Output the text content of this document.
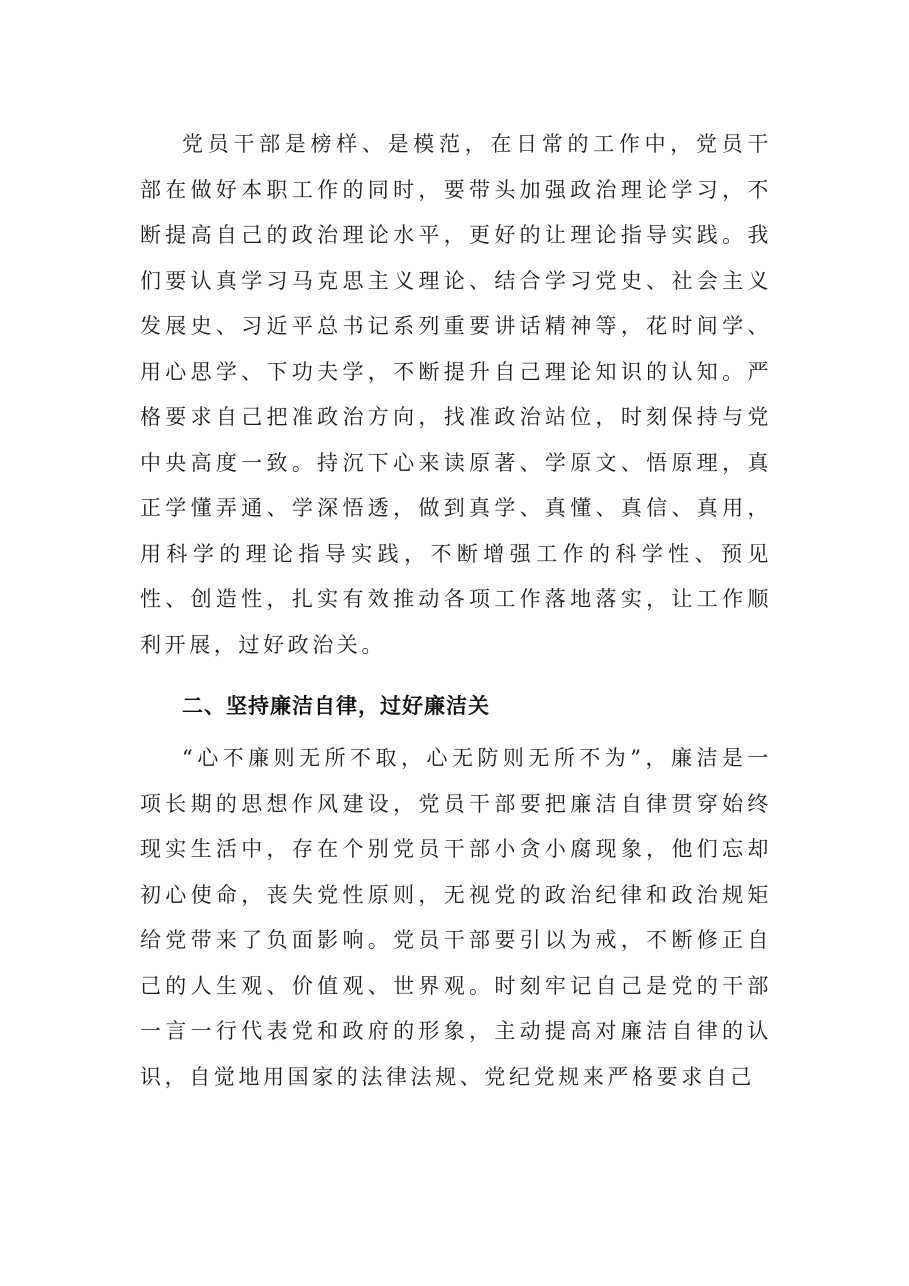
党员干部是榜样、是模范，在日常的工作中，党员干部在做好本职工作的同时，要带头加强政治理论学习，不断提高自己的政治理论水平，更好的让理论指导实践。我们要认真学习马克思主义理论、结合学习党史、社会主义发展史、习近平总书记系列重要讲话精神等，花时间学、用心思学、下功夫学，不断提升自己理论知识的认知。严格要求自己把准政治方向，找准政治站位，时刻保持与党中央高度一致。持沉下心来读原著、学原文、悟原理，真正学懂弄通、学深悟透，做到真学、真懂、真信、真用，用科学的理论指导实践，不断增强工作的科学性、预见性、创造性，扎实有效推动各项工作落地落实，让工作顺利开展，过好政治关。

二、坚持廉洁自律，过好廉洁关

“心不廉则无所不取，心无防则无所不为”，廉洁是一项长期的思想作风建设，党员干部要把廉洁自律贯穿始终现实生活中，存在个别党员干部小贪小腐现象，他们忘却初心使命，丧失党性原则，无视党的政治纪律和政治规矩给党带来了负面影响。党员干部要引以为戒，不断修正自己的人生观、价值观、世界观。时刻牢记自己是党的干部一言一行代表党和政府的形象，主动提高对廉洁自律的认识，自觉地用国家的法律法规、党纪党规来严格要求自己
